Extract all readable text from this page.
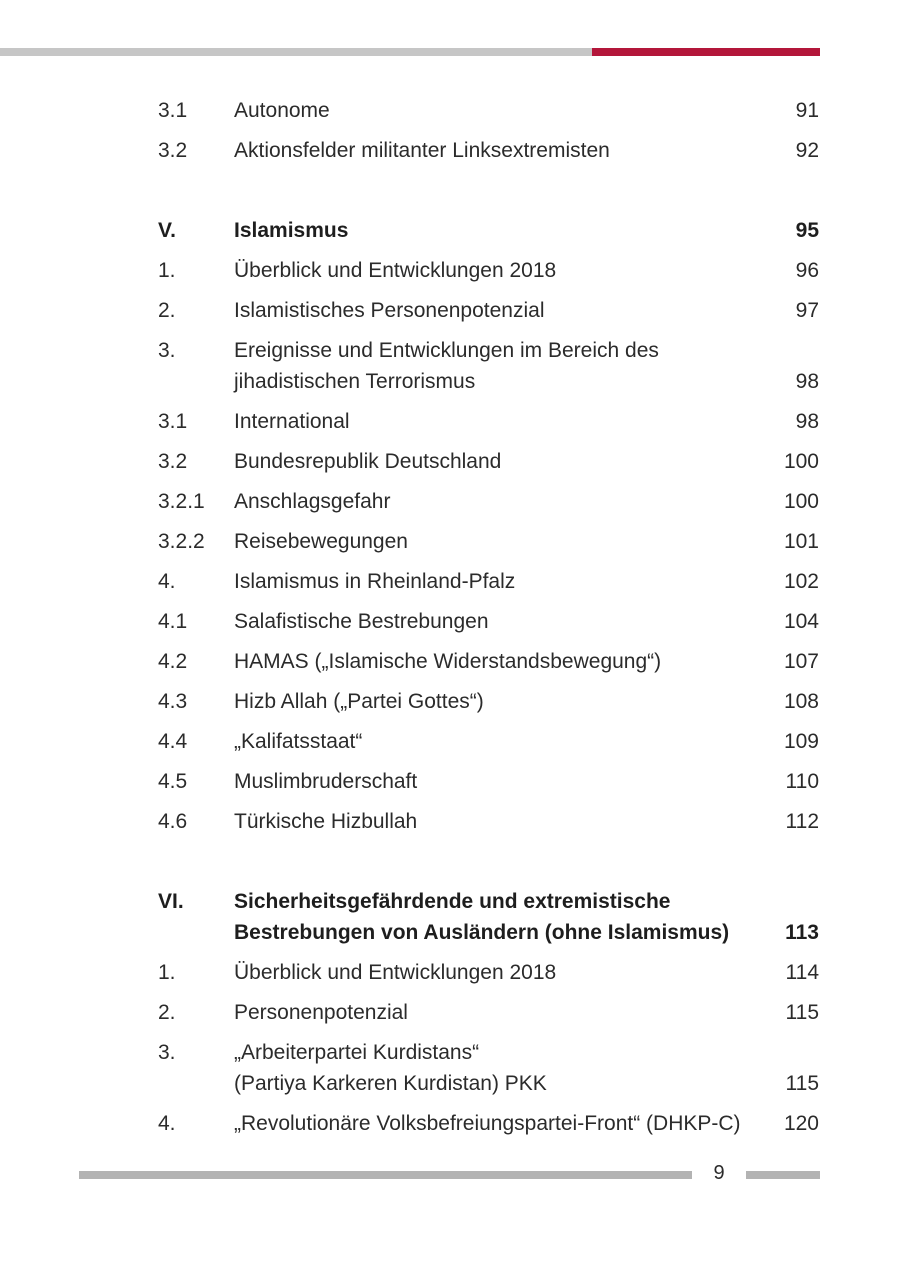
3.1 Autonome	91
3.2 Aktionsfelder militanter Linksextremisten	92
V.	Islamismus	95
1.	Überblick und Entwicklungen 2018	96
2.	Islamistisches Personenpotenzial	97
3.	Ereignisse und Entwicklungen im Bereich des
jihadistischen Terrorismus	98
3.1 International	98
3.2 Bundesrepublik Deutschland	100
3.2.1 Anschlagsgefahr	100
3.2.2 Reisebewegungen	101
4.	Islamismus in Rheinland-Pfalz	102
4.1 Salafistische Bestrebungen	104
4.2 HAMAS („Islamische Widerstandsbewegung“)	107
4.3 Hizb Allah („Partei Gottes“)	108
4.4 „Kalifatsstaat“	109
4.5 Muslimbruderschaft	110
4.6 Türkische Hizbullah	112
VI. Sicherheitsgefährdende und extremistische
Bestrebungen von Ausländern (ohne Islamismus)	113
1.	Überblick und Entwicklungen 2018	114
2.	Personenpotenzial	115
3.	„Arbeiterpartei Kurdistans“
(Partiya Karkeren Kurdistan) PKK	115
4.	„Revolutionäre Volksbefreiungspartei-Front“ (DHKP-C)	120
9
